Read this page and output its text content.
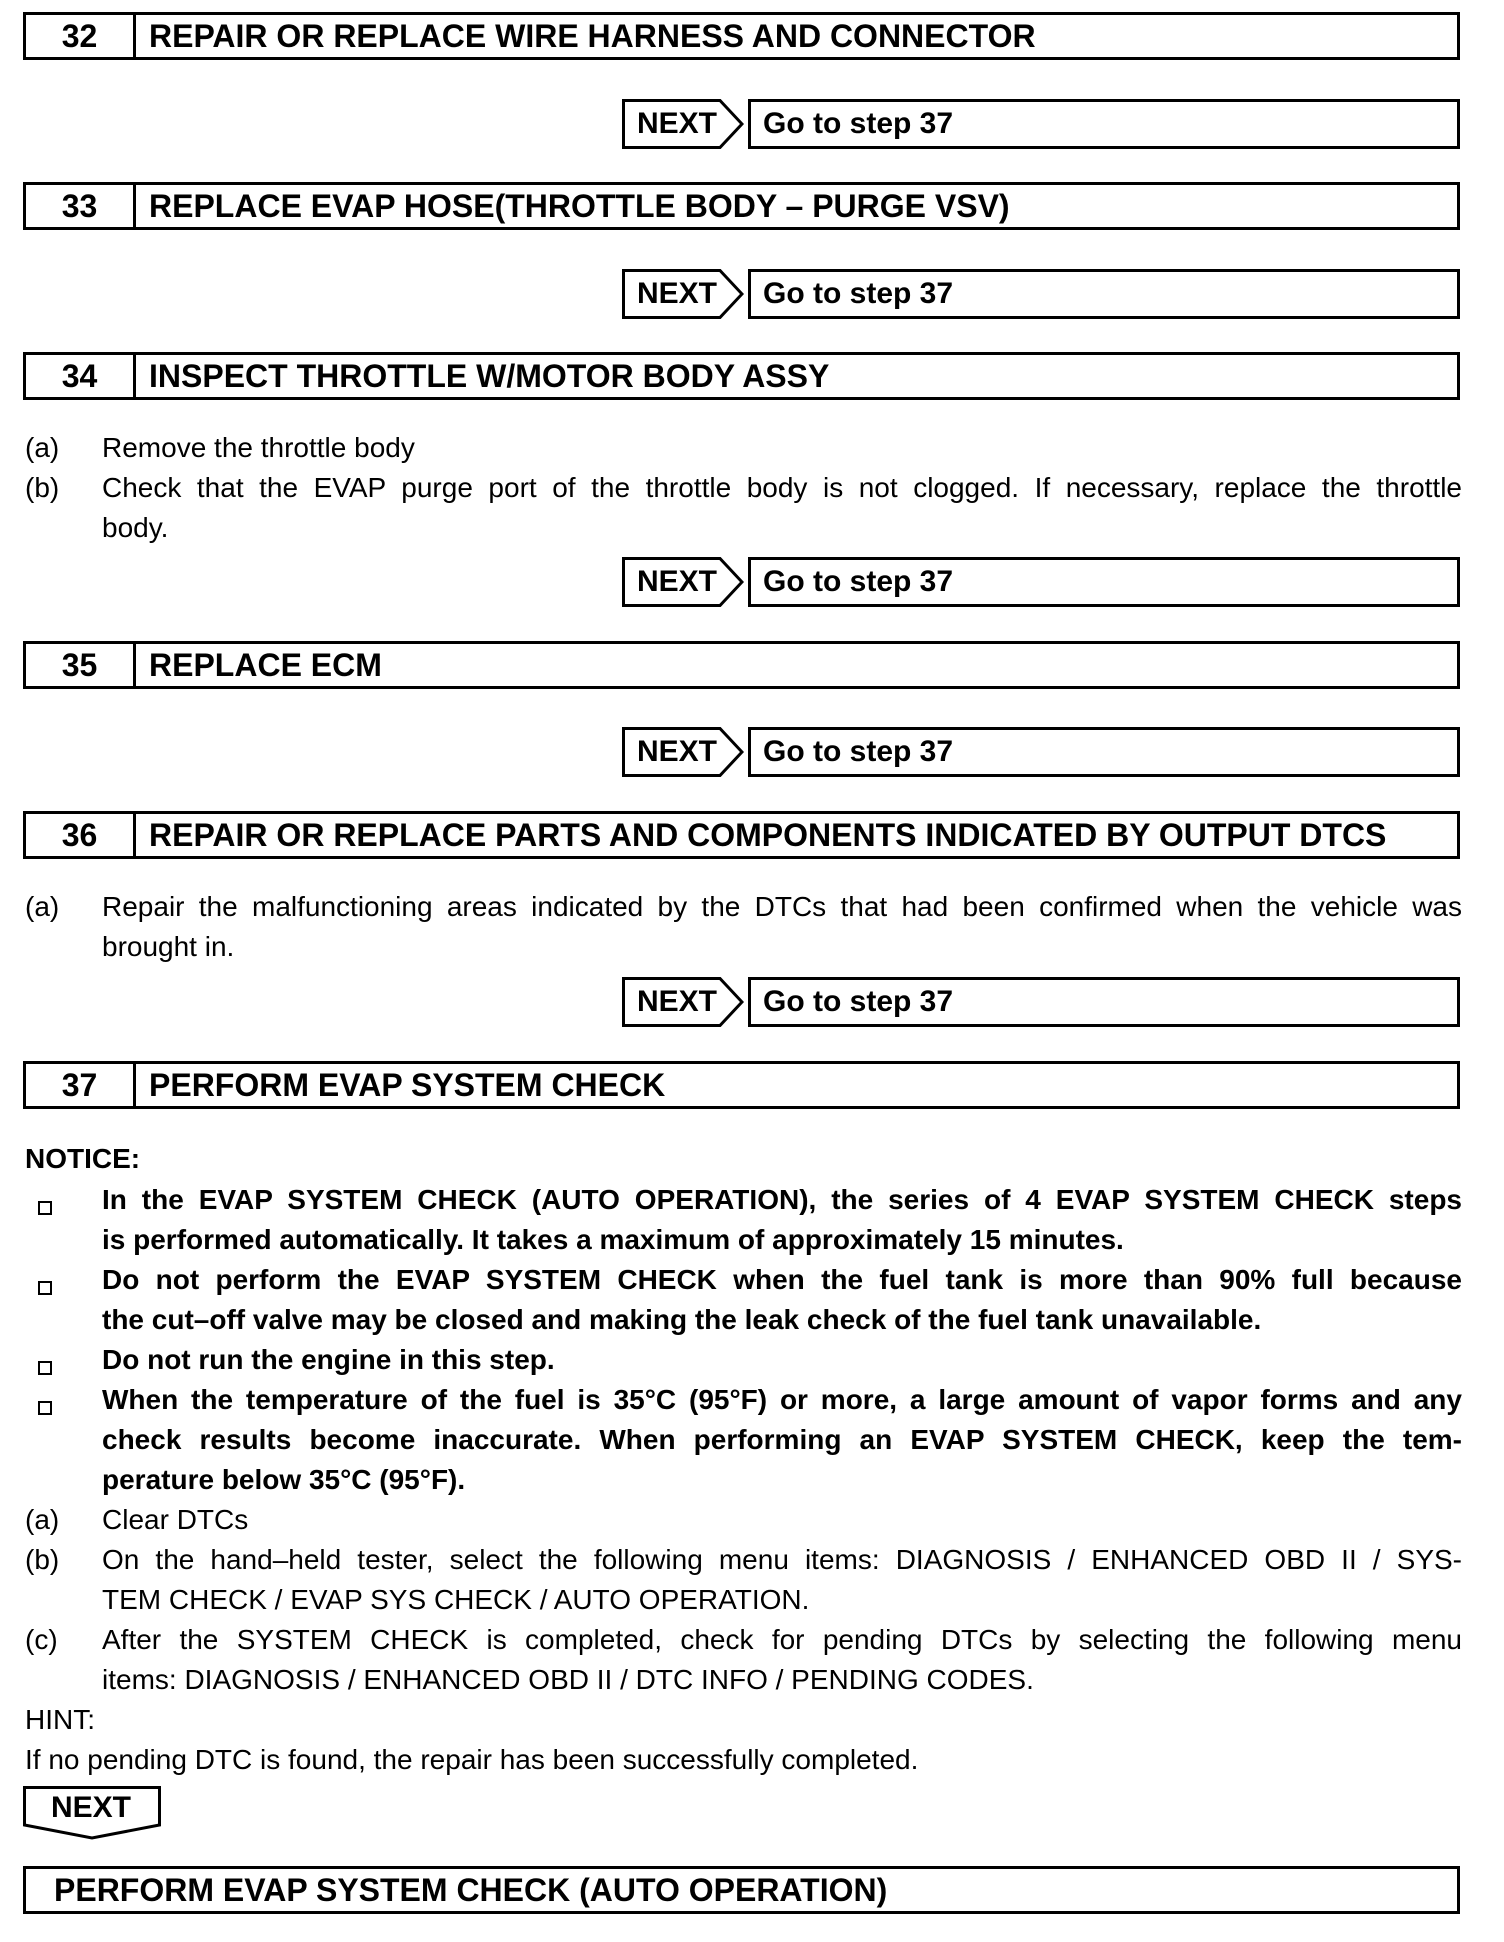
32	REPAIR OR REPLACE WIRE HARNESS AND CONNECTOR
NEXT	Go to step 37
33	REPLACE EVAP HOSE(THROTTLE BODY – PURGE VSV)
NEXT	Go to step 37
34	INSPECT THROTTLE W/MOTOR BODY ASSY
(a) Remove the throttle body
(b) Check that the EVAP purge port of the throttle body is not clogged. If necessary, replace the throttle
body.
NEXT	Go to step 37
35	REPLACE ECM
NEXT	Go to step 37
36	REPAIR OR REPLACE PARTS AND COMPONENTS INDICATED BY OUTPUT DTCS
(a) Repair the malfunctioning areas indicated by the DTCs that had been confirmed when the vehicle was
brought in.
NEXT	Go to step 37
37	PERFORM EVAP SYSTEM CHECK
NOTICE:
In the EVAP SYSTEM CHECK (AUTO OPERATION), the series of 4 EVAP SYSTEM CHECK steps
is performed automatically. It takes a maximum of approximately 15 minutes.
Do not perform the EVAP SYSTEM CHECK when the fuel tank is more than 90% full because
the cut–off valve may be closed and making the leak check of the fuel tank unavailable.
Do not run the engine in this step.
When the temperature of the fuel is 35°C (95°F) or more, a large amount of vapor forms and any
check results become inaccurate. When performing an EVAP SYSTEM CHECK, keep the tem-
perature below 35°C (95°F).
(a) Clear DTCs
(b) On the hand–held tester, select the following menu items: DIAGNOSIS / ENHANCED OBD II / SYS-
TEM CHECK / EVAP SYS CHECK / AUTO OPERATION.
(c) After the SYSTEM CHECK is completed, check for pending DTCs by selecting the following menu
items: DIAGNOSIS / ENHANCED OBD II / DTC INFO / PENDING CODES.
HINT:
If no pending DTC is found, the repair has been successfully completed.
NEXT
PERFORM EVAP SYSTEM CHECK (AUTO OPERATION)
